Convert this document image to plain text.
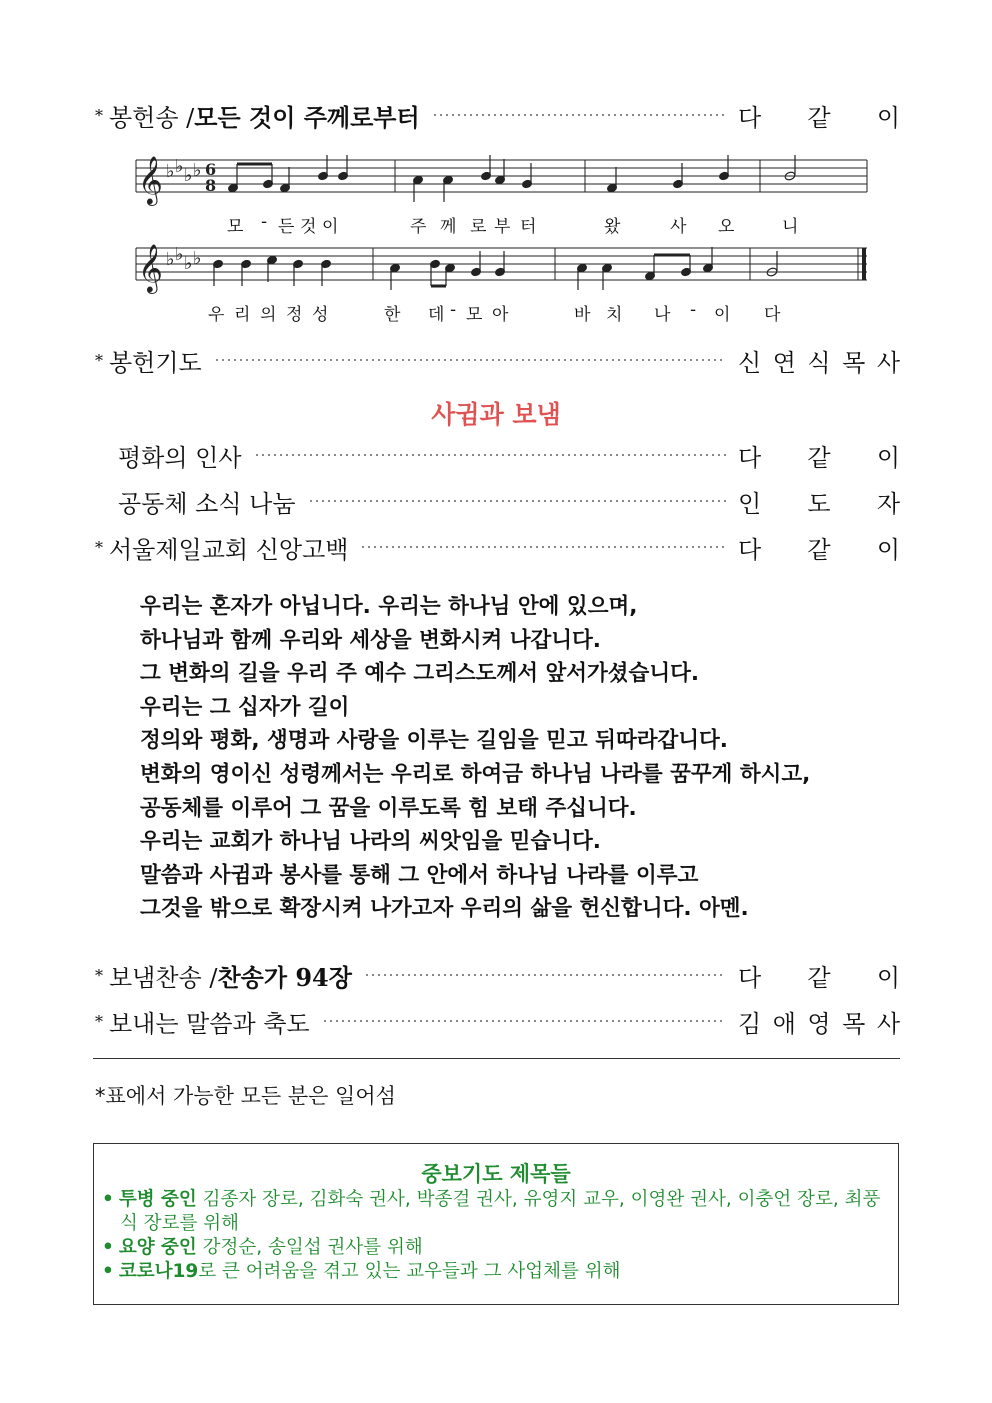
* 봉헌송 / 모든 것이 주께로부터	다 같 이
𝄞 ♭ ♭ ♭ ♭ 6
8
모 - 든 것 이	주 께 로 부 터	왔	사 오	니
𝄞 ♭ ♭ ♭ ♭
우 리 의 정 성	한 데 - 모 아	바 치 나 - 이 다
* 봉헌기도	신 연 식 목 사
사귐과 보냄
평화의 인사	다 같 이
공동체 소식 나눔	인 도 자
* 서울제일교회 신앙고백	다 같 이
우리는 혼자가 아닙니다. 우리는 하나님 안에 있으며,
하나님과 함께 우리와 세상을 변화시켜 나갑니다.
그 변화의 길을 우리 주 예수 그리스도께서 앞서가셨습니다.
우리는 그 십자가 길이
정의와 평화, 생명과 사랑을 이루는 길임을 믿고 뒤따라갑니다.
변화의 영이신 성령께서는 우리로 하여금 하나님 나라를 꿈꾸게 하시고,
공동체를 이루어 그 꿈을 이루도록 힘 보태 주십니다.
우리는 교회가 하나님 나라의 씨앗임을 믿습니다.
말씀과 사귐과 봉사를 통해 그 안에서 하나님 나라를 이루고
그것을 밖으로 확장시켜 나가고자 우리의 삶을 헌신합니다. 아멘.
* 보냄찬송 / 찬송가 94장	다 같 이
* 보내는 말씀과 축도	김 애 영 목 사
*표에서 가능한 모든 분은 일어섬
중보기도 제목들
• 투병 중인 김종자 장로, 김화숙 권사, 박종걸 권사, 유영지 교우, 이영완 권사, 이충언 장로, 최풍식 장로를 위해
• 요양 중인 강정순, 송일섭 권사를 위해
• 코로나19로 큰 어려움을 겪고 있는 교우들과 그 사업체를 위해
